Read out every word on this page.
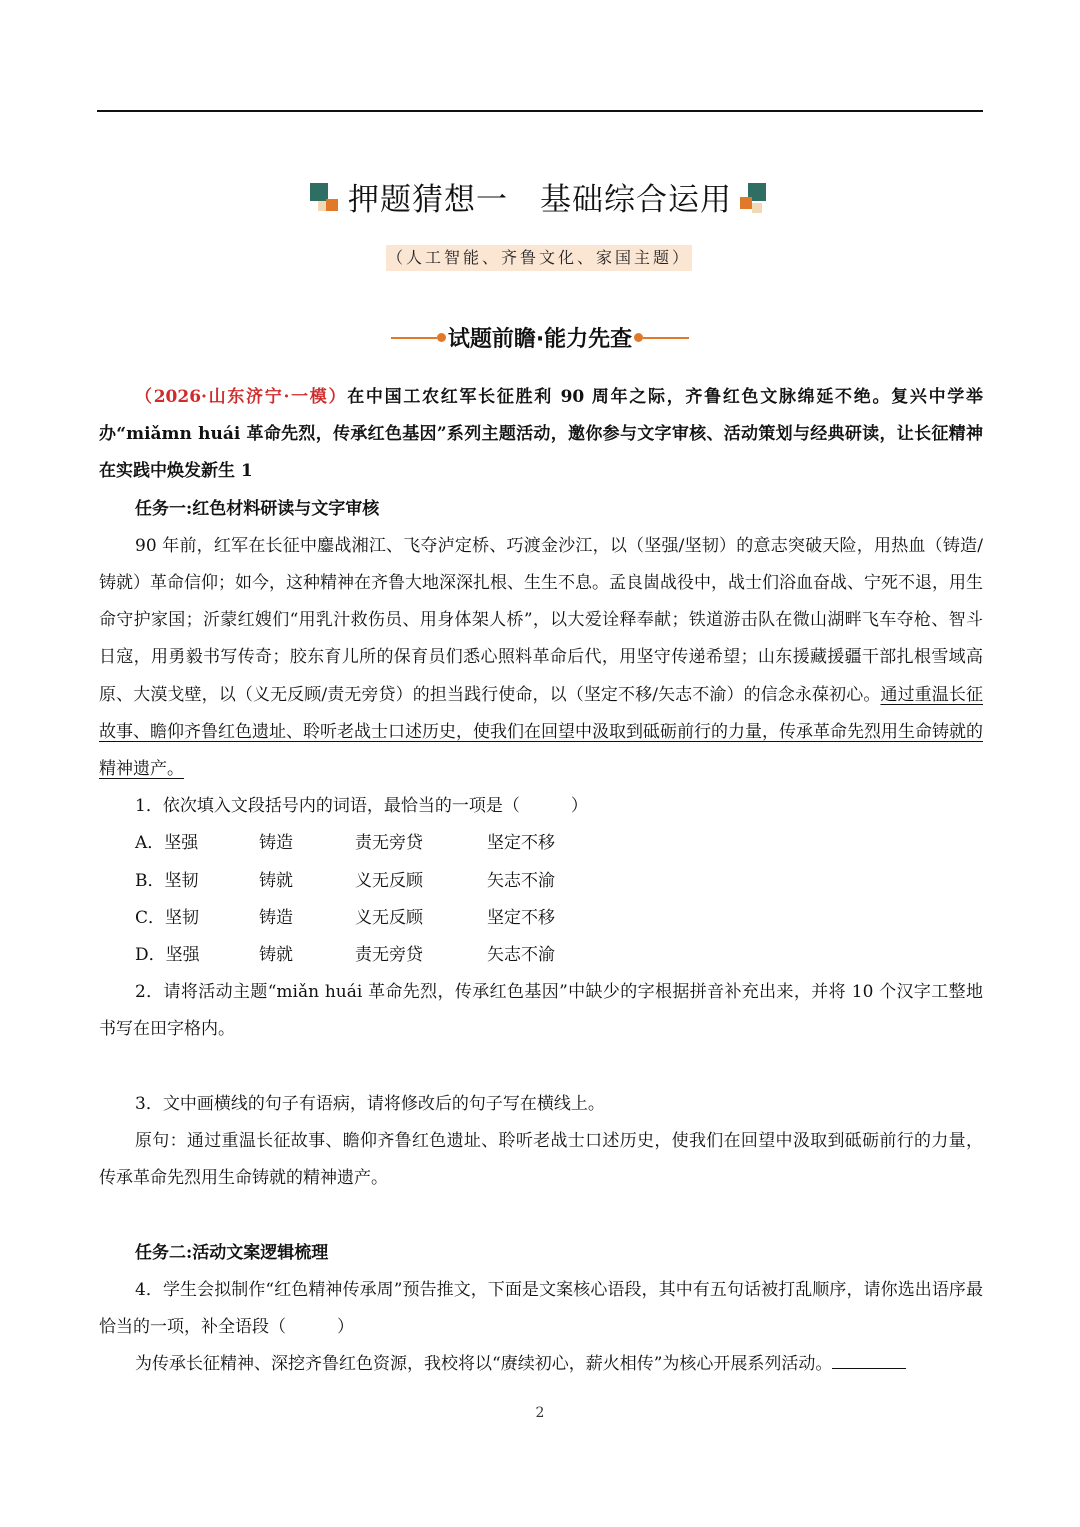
押题猜想一　基础综合运用
（人工智能、齐鲁文化、家国主题）
试题前瞻·能力先查

（2026·山东济宁·一模）在中国工农红军长征胜利 90 周年之际，齐鲁红色文脉绵延不绝。复兴中学举办“miǎmn huái 革命先烈，传承红色基因”系列主题活动，邀你参与文字审核、活动策划与经典研读，让长征精神在实践中焕发新生 1

任务一:红色材料研读与文字审核

90 年前，红军在长征中鏖战湘江、飞夺泸定桥、巧渡金沙江，以（坚强/坚韧）的意志突破天险，用热血（铸造/铸就）革命信仰；如今，这种精神在齐鲁大地深深扎根、生生不息。孟良崮战役中，战士们浴血奋战、宁死不退，用生命守护家国；沂蒙红嫂们“用乳汁救伤员、用身体架人桥”，以大爱诠释奉献；铁道游击队在微山湖畔飞车夺枪、智斗日寇，用勇毅书写传奇；胶东育儿所的保育员们悉心照料革命后代，用坚守传递希望；山东援藏援疆干部扎根雪域高原、大漠戈壁，以（义无反顾/责无旁贷）的担当践行使命，以（坚定不移/矢志不渝）的信念永葆初心。通过重温长征故事、瞻仰齐鲁红色遗址、聆听老战士口述历史，使我们在回望中汲取到砥砺前行的力量，传承革命先烈用生命铸就的精神遗产。

1．依次填入文段括号内的词语，最恰当的一项是（　　　）

A．坚强	铸造	责无旁贷	坚定不移
B．坚韧	铸就	义无反顾	矢志不渝
C．坚韧	铸造	义无反顾	坚定不移
D．坚强	铸就	责无旁贷	矢志不渝

2．请将活动主题“miǎn huái 革命先烈，传承红色基因”中缺少的字根据拼音补充出来，并将 10 个汉字工整地书写在田字格内。

3．文中画横线的句子有语病，请将修改后的句子写在横线上。

原句：通过重温长征故事、瞻仰齐鲁红色遗址、聆听老战士口述历史，使我们在回望中汲取到砥砺前行的力量，传承革命先烈用生命铸就的精神遗产。

任务二:活动文案逻辑梳理

4．学生会拟制作“红色精神传承周”预告推文，下面是文案核心语段，其中有五句话被打乱顺序，请你选出语序最恰当的一项，补全语段（　　　）

为传承长征精神、深挖齐鲁红色资源，我校将以“赓续初心，薪火相传”为核心开展系列活动。

2
